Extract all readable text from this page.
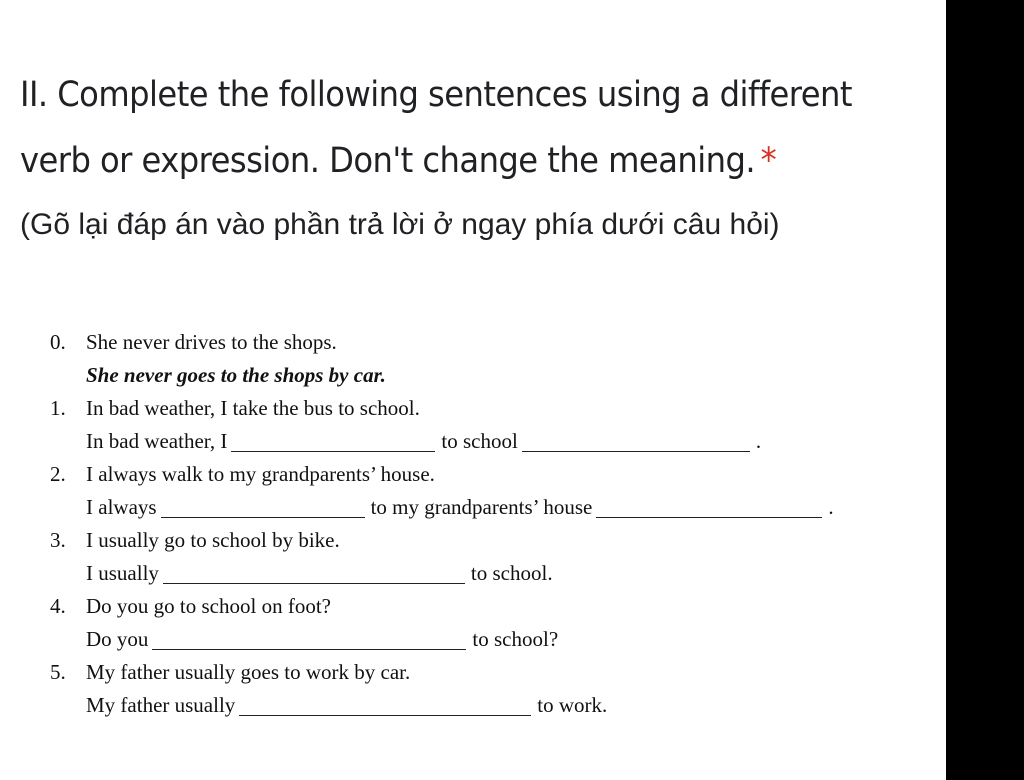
II. Complete the following sentences using a different
verb or expression. Don't change the meaning. *
(Gõ lại đáp án vào phần trả lời ở ngay phía dưới câu hỏi)
0. She never drives to the shops.
She never goes to the shops by car.
1. In bad weather, I take the bus to school.
In bad weather, I	to school	.
2. I always walk to my grandparents’ house.
I always	to my grandparents’ house	.
3. I usually go to school by bike.
I usually	to school.
4. Do you go to school on foot?
Do you	to school?
5. My father usually goes to work by car.
My father usually	to work.
